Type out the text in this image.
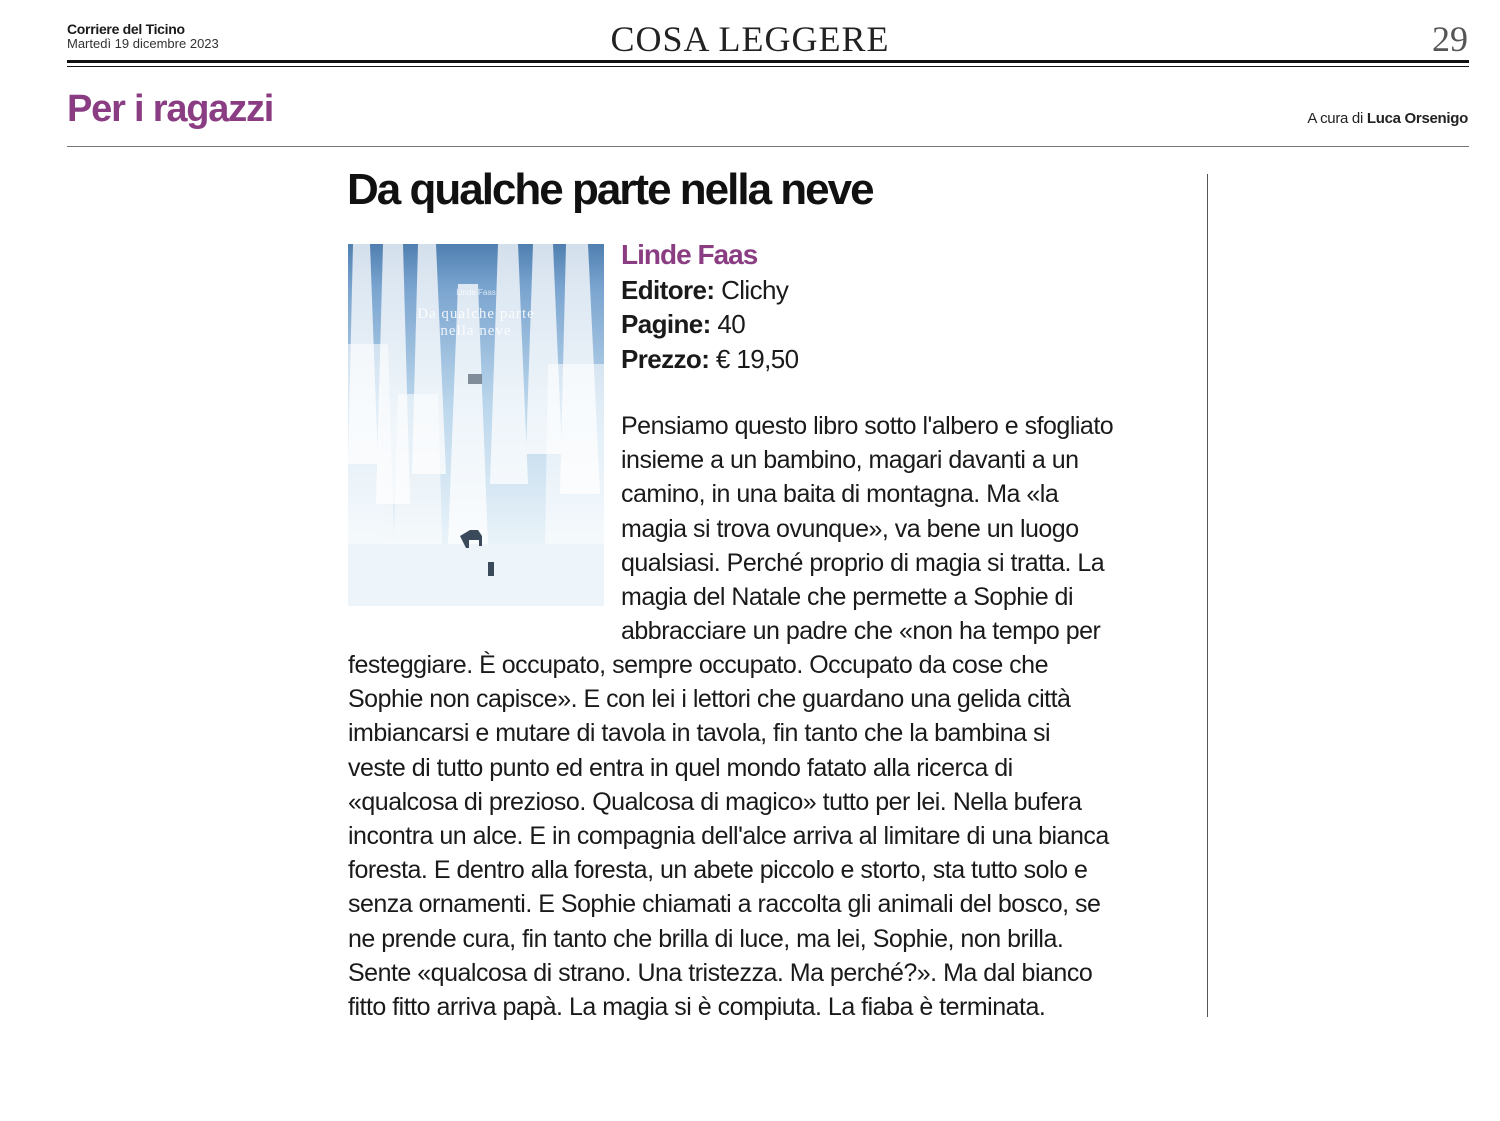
Corriere del Ticino
Martedì 19 dicembre 2023	COSA LEGGERE	29
Per i ragazzi	A cura di Luca Orsenigo
Da qualche parte nella neve
Linde Faas
Da qualche parte
nella neve
Linde Faas
Editore: Clichy
Pagine: 40
Prezzo: € 19,50
Pensiamo questo libro sotto l'albero e sfogliato
insieme a un bambino, magari davanti a un
camino, in una baita di montagna. Ma «la
magia si trova ovunque», va bene un luogo
qualsiasi. Perché proprio di magia si tratta. La
magia del Natale che permette a Sophie di
abbracciare un padre che «non ha tempo per
festeggiare. È occupato, sempre occupato. Occupato da cose che
Sophie non capisce». E con lei i lettori che guardano una gelida città
imbiancarsi e mutare di tavola in tavola, fin tanto che la bambina si
veste di tutto punto ed entra in quel mondo fatato alla ricerca di
«qualcosa di prezioso. Qualcosa di magico» tutto per lei. Nella bufera
incontra un alce. E in compagnia dell'alce arriva al limitare di una bianca
foresta. E dentro alla foresta, un abete piccolo e storto, sta tutto solo e
senza ornamenti. E Sophie chiamati a raccolta gli animali del bosco, se
ne prende cura, fin tanto che brilla di luce, ma lei, Sophie, non brilla.
Sente «qualcosa di strano. Una tristezza. Ma perché?». Ma dal bianco
fitto fitto arriva papà. La magia si è compiuta. La fiaba è terminata.
